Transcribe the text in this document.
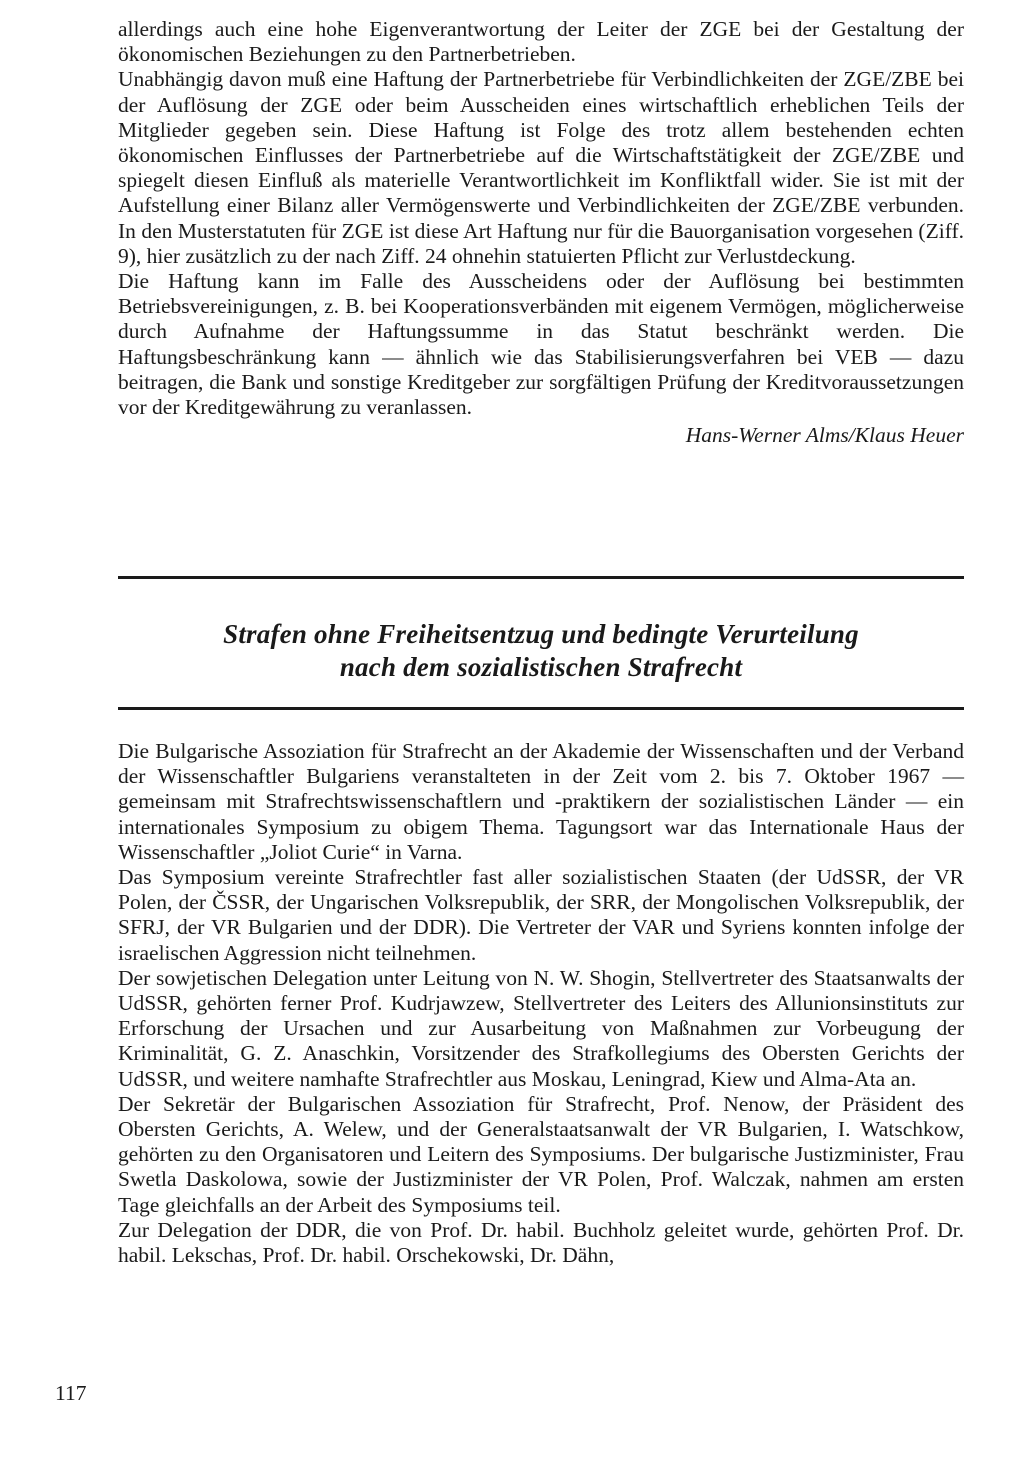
allerdings auch eine hohe Eigenverantwortung der Leiter der ZGE bei der Gestaltung der ökonomischen Beziehungen zu den Partnerbetrieben.

Unabhängig davon muß eine Haftung der Partnerbetriebe für Verbindlichkeiten der ZGE/ZBE bei der Auflösung der ZGE oder beim Ausscheiden eines wirtschaftlich erheblichen Teils der Mitglieder gegeben sein. Diese Haftung ist Folge des trotz allem bestehenden echten ökonomischen Einflusses der Partnerbetriebe auf die Wirtschaftstätigkeit der ZGE/ZBE und spiegelt diesen Einfluß als materielle Verantwortlichkeit im Konfliktfall wider. Sie ist mit der Aufstellung einer Bilanz aller Vermögenswerte und Verbindlichkeiten der ZGE/ZBE verbunden. In den Musterstatuten für ZGE ist diese Art Haftung nur für die Bauorganisation vorgesehen (Ziff. 9), hier zusätzlich zu der nach Ziff. 24 ohnehin statuierten Pflicht zur Verlustdeckung.

Die Haftung kann im Falle des Ausscheidens oder der Auflösung bei bestimmten Betriebsvereinigungen, z. B. bei Kooperationsverbänden mit eigenem Vermögen, möglicherweise durch Aufnahme der Haftungssumme in das Statut beschränkt werden. Die Haftungsbeschränkung kann — ähnlich wie das Stabilisierungsverfahren bei VEB — dazu beitragen, die Bank und sonstige Kreditgeber zur sorgfältigen Prüfung der Kreditvoraussetzungen vor der Kreditgewährung zu veranlassen.

Hans-Werner Alms/Klaus Heuer

Strafen ohne Freiheitsentzug und bedingte Verurteilung
nach dem sozialistischen Strafrecht

Die Bulgarische Assoziation für Strafrecht an der Akademie der Wissenschaften und der Verband der Wissenschaftler Bulgariens veranstalteten in der Zeit vom 2. bis 7. Oktober 1967 — gemeinsam mit Strafrechtswissenschaftlern und -praktikern der sozialistischen Länder — ein internationales Symposium zu obigem Thema. Tagungsort war das Internationale Haus der Wissenschaftler „Joliot Curie“ in Varna.

Das Symposium vereinte Strafrechtler fast aller sozialistischen Staaten (der UdSSR, der VR Polen, der ČSSR, der Ungarischen Volksrepublik, der SRR, der Mongolischen Volksrepublik, der SFRJ, der VR Bulgarien und der DDR). Die Vertreter der VAR und Syriens konnten infolge der israelischen Aggression nicht teilnehmen.

Der sowjetischen Delegation unter Leitung von N. W. Shogin, Stellvertreter des Staatsanwalts der UdSSR, gehörten ferner Prof. Kudrjawzew, Stellvertreter des Leiters des Allunionsinstituts zur Erforschung der Ursachen und zur Ausarbeitung von Maßnahmen zur Vorbeugung der Kriminalität, G. Z. Anaschkin, Vorsitzender des Strafkollegiums des Obersten Gerichts der UdSSR, und weitere namhafte Strafrechtler aus Moskau, Leningrad, Kiew und Alma-Ata an.

Der Sekretär der Bulgarischen Assoziation für Strafrecht, Prof. Nenow, der Präsident des Obersten Gerichts, A. Welew, und der Generalstaatsanwalt der VR Bulgarien, I. Watschkow, gehörten zu den Organisatoren und Leitern des Symposiums. Der bulgarische Justizminister, Frau Swetla Daskolowa, sowie der Justizminister der VR Polen, Prof. Walczak, nahmen am ersten Tage gleichfalls an der Arbeit des Symposiums teil.

Zur Delegation der DDR, die von Prof. Dr. habil. Buchholz geleitet wurde, gehörten Prof. Dr. habil. Lekschas, Prof. Dr. habil. Orschekowski, Dr. Dähn,

117
